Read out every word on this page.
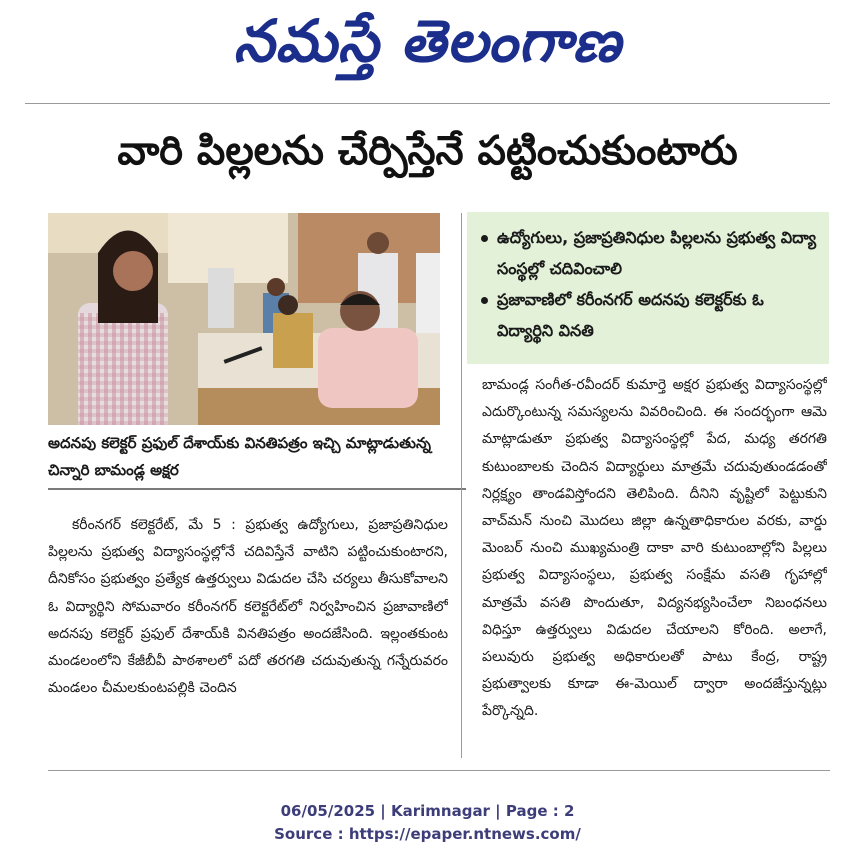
నమస్తే తెలంగాణ
వారి పిల్లలను చేర్పిస్తేనే పట్టించుకుంటారు
ఉద్యోగులు, ప్రజాప్రతినిధుల పిల్లలను ప్రభుత్వ విద్యా సంస్థల్లో చదివించాలి
ప్రజావాణిలో కరీంనగర్ అదనపు కలెక్టర్‌కు ఓ విద్యార్థిని వినతి
అదనపు కలెక్టర్ ప్రఫుల్ దేశాయ్‌కు వినతిపత్రం ఇచ్చి మాట్లాడుతున్న చిన్నారి బామండ్ల అక్షర
కరీంనగర్ కలెక్టరేట్, మే 5 : ప్రభుత్వ ఉద్యోగులు, ప్రజాప్రతినిధుల పిల్లలను ప్రభుత్వ విద్యాసంస్థల్లోనే చదివిస్తేనే వాటిని పట్టించుకుంటారని, దీనికోసం ప్రభుత్వం ప్రత్యేక ఉత్తర్వులు విడుదల చేసి చర్యలు తీసుకోవాలని ఓ విద్యార్థిని సోమవారం కరీంనగర్ కలెక్టరేట్‌లో నిర్వహించిన ప్రజావాణిలో అదనపు కలెక్టర్ ప్రఫుల్ దేశాయ్‌కి వినతిపత్రం అందజేసింది. ఇల్లంతకుంట మండలంలోని కేజీబీవీ పాఠశాలలో పదో తరగతి చదువుతున్న గన్నేరువరం మండలం చీమలకుంటపల్లికి చెందిన
బామండ్ల సంగీత-రవీందర్ కుమార్తె అక్షర ప్రభుత్వ విద్యాసంస్థల్లో ఎదుర్కొంటున్న సమస్యలను వివరించింది. ఈ సందర్భంగా ఆమె మాట్లాడుతూ ప్రభుత్వ విద్యాసంస్థల్లో పేద, మధ్య తరగతి కుటుంబాలకు చెందిన విద్యార్థులు మాత్రమే చదువుతుండడంతో నిర్లక్ష్యం తాండవిస్తోందని తెలిపింది. దీనిని వృష్టిలో పెట్టుకుని వాచ్‌మన్ నుంచి మొదలు జిల్లా ఉన్నతాధికారుల వరకు, వార్డు మెంబర్ నుంచి ముఖ్యమంత్రి దాకా వారి కుటుంబాల్లోని పిల్లలు ప్రభుత్వ విద్యాసంస్థలు, ప్రభుత్వ సంక్షేమ వసతి గృహాల్లో మాత్రమే వసతి పొందుతూ, విద్యనభ్యసించేలా నిబంధనలు విధిస్తూ ఉత్తర్వులు విడుదల చేయాలని కోరింది. అలాగే, పలువురు ప్రభుత్వ అధికారులతో పాటు కేంద్ర, రాష్ట్ర ప్రభుత్వాలకు కూడా ఈ-మెయిల్ ద్వారా అందజేస్తున్నట్లు పేర్కొన్నది.
06/05/2025 | Karimnagar | Page : 2
Source : https://epaper.ntnews.com/
